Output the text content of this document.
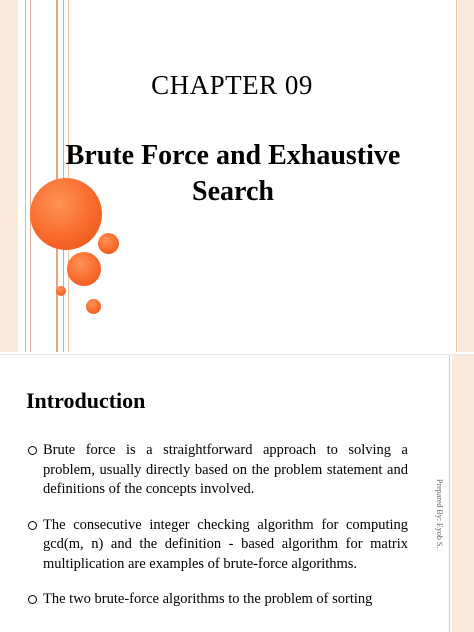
CHAPTER 09
Brute Force and Exhaustive
Search
Prepared By: Eyob S.
Introduction
Brute force is a straightforward approach to solving a problem, usually directly based on the problem statement and definitions of the concepts involved.
The consecutive integer checking algorithm for computing gcd(m, n) and the definition - based algorithm for matrix multiplication are examples of brute-force algorithms.
The two brute-force algorithms to the problem of sorting
